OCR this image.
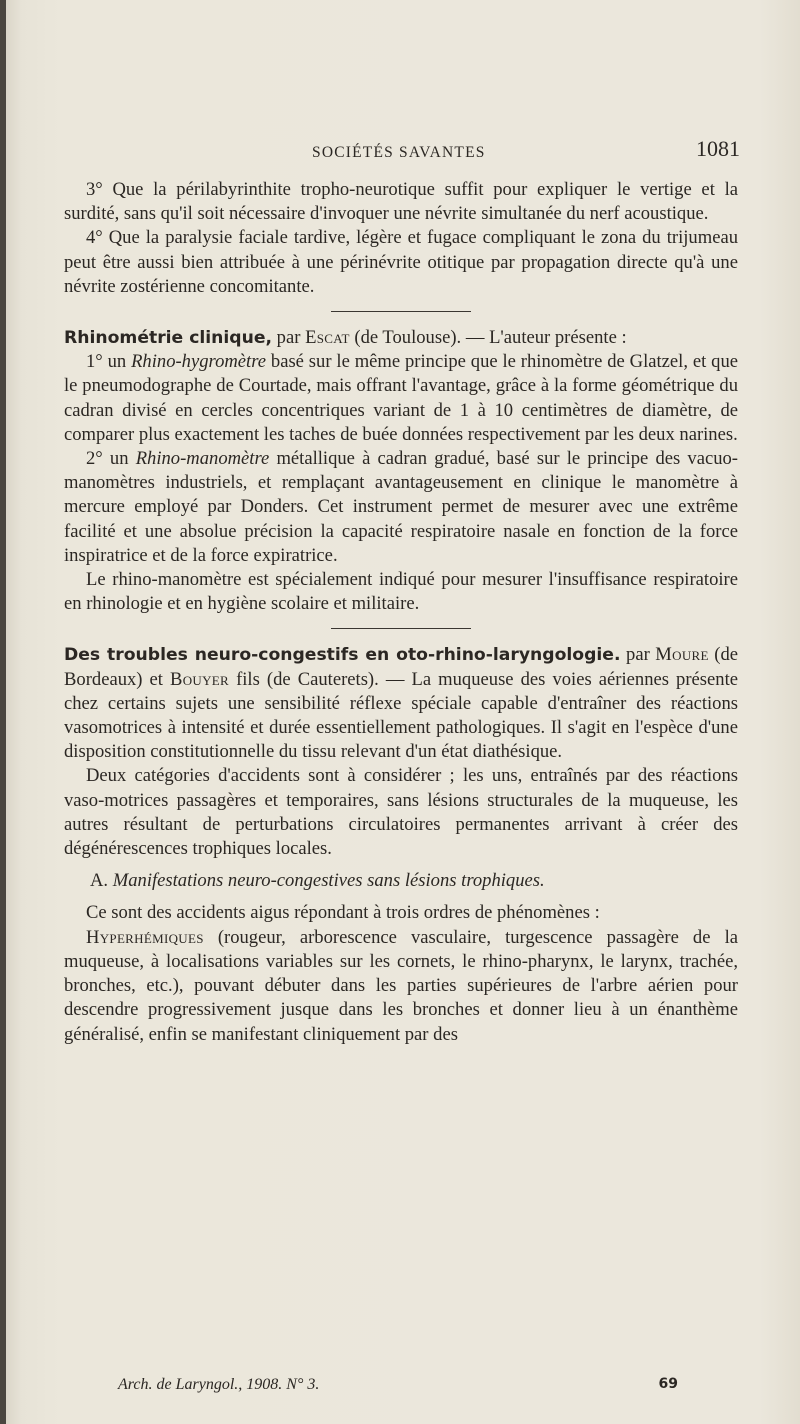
SOCIÉTÉS SAVANTES	1081

3° Que la périlabyrinthite tropho-neurotique suffit pour expliquer le vertige et la surdité, sans qu'il soit nécessaire d'invoquer une névrite simultanée du nerf acoustique.

4° Que la paralysie faciale tardive, légère et fugace compliquant le zona du trijumeau peut être aussi bien attribuée à une périnévrite otitique par propagation directe qu'à une névrite zostérienne concomitante.

Rhinométrie clinique, par Escat (de Toulouse). — L'auteur présente :

1° un Rhino-hygromètre basé sur le même principe que le rhinomètre de Glatzel, et que le pneumodographe de Courtade, mais offrant l'avantage, grâce à la forme géométrique du cadran divisé en cercles concentriques variant de 1 à 10 centimètres de diamètre, de comparer plus exactement les taches de buée données respectivement par les deux narines.

2° un Rhino-manomètre métallique à cadran gradué, basé sur le principe des vacuo-manomètres industriels, et remplaçant avantageusement en clinique le manomètre à mercure employé par Donders. Cet instrument permet de mesurer avec une extrême facilité et une absolue précision la capacité respiratoire nasale en fonction de la force inspiratrice et de la force expiratrice.

Le rhino-manomètre est spécialement indiqué pour mesurer l'insuffisance respiratoire en rhinologie et en hygiène scolaire et militaire.

Des troubles neuro-congestifs en oto-rhino-laryngologie. par Moure (de Bordeaux) et Bouyer fils (de Cauterets). — La muqueuse des voies aériennes présente chez certains sujets une sensibilité réflexe spéciale capable d'entraîner des réactions vasomotrices à intensité et durée essentiellement pathologiques. Il s'agit en l'espèce d'une disposition constitutionnelle du tissu relevant d'un état diathésique.

Deux catégories d'accidents sont à considérer ; les uns, entraînés par des réactions vaso-motrices passagères et temporaires, sans lésions structurales de la muqueuse, les autres résultant de perturbations circulatoires permanentes arrivant à créer des dégénérescences trophiques locales.

A. Manifestations neuro-congestives sans lésions trophiques.

Ce sont des accidents aigus répondant à trois ordres de phénomènes :

Hyperhémiques (rougeur, arborescence vasculaire, turgescence passagère de la muqueuse, à localisations variables sur les cornets, le rhino-pharynx, le larynx, trachée, bronches, etc.), pouvant débuter dans les parties supérieures de l'arbre aérien pour descendre progressivement jusque dans les bronches et donner lieu à un énanthème généralisé, enfin se manifestant cliniquement par des

Arch. de Laryngol., 1908. N° 3.	69
